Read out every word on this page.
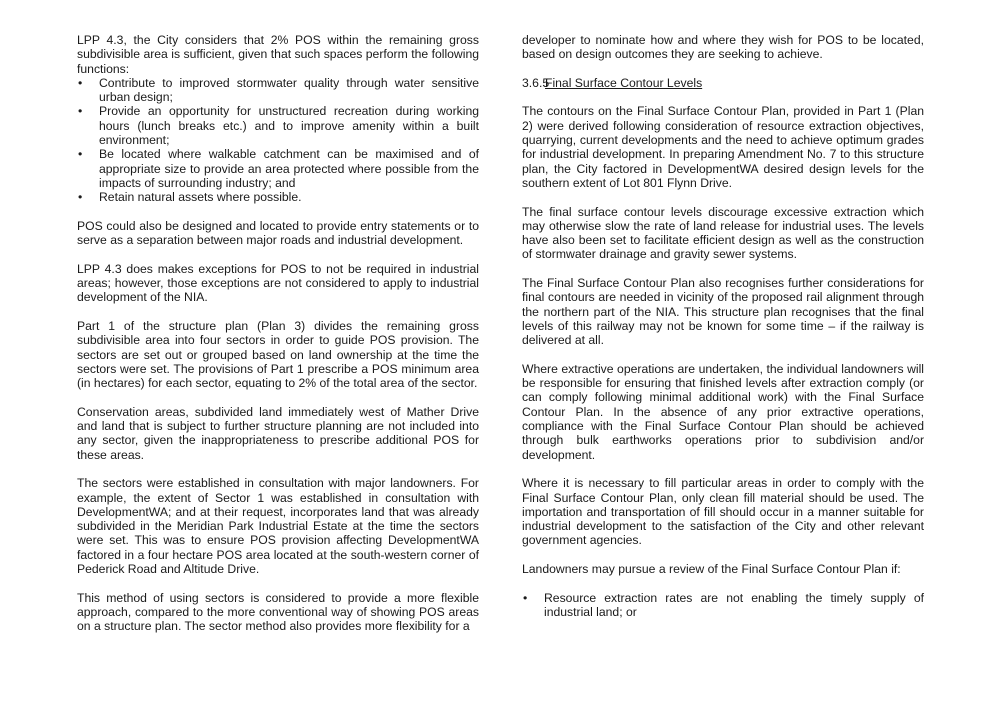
LPP 4.3, the City considers that 2% POS within the remaining gross subdivisible area is sufficient, given that such spaces perform the following functions:

• Contribute to improved stormwater quality through water sensitive urban design;
• Provide an opportunity for unstructured recreation during working hours (lunch breaks etc.) and to improve amenity within a built environment;
• Be located where walkable catchment can be maximised and of appropriate size to provide an area protected where possible from the impacts of surrounding industry; and
• Retain natural assets where possible.

POS could also be designed and located to provide entry statements or to serve as a separation between major roads and industrial development.

LPP 4.3 does makes exceptions for POS to not be required in industrial areas; however, those exceptions are not considered to apply to industrial development of the NIA.

Part 1 of the structure plan (Plan 3) divides the remaining gross subdivisible area into four sectors in order to guide POS provision. The sectors are set out or grouped based on land ownership at the time the sectors were set. The provisions of Part 1 prescribe a POS minimum area (in hectares) for each sector, equating to 2% of the total area of the sector.

Conservation areas, subdivided land immediately west of Mather Drive and land that is subject to further structure planning are not included into any sector, given the inappropriateness to prescribe additional POS for these areas.

The sectors were established in consultation with major landowners. For example, the extent of Sector 1 was established in consultation with DevelopmentWA; and at their request, incorporates land that was already subdivided in the Meridian Park Industrial Estate at the time the sectors were set. This was to ensure POS provision affecting DevelopmentWA factored in a four hectare POS area located at the south-western corner of Pederick Road and Altitude Drive.

This method of using sectors is considered to provide a more flexible approach, compared to the more conventional way of showing POS areas on a structure plan. The sector method also provides more flexibility for a

developer to nominate how and where they wish for POS to be located, based on design outcomes they are seeking to achieve.

3.6.5Final Surface Contour Levels

The contours on the Final Surface Contour Plan, provided in Part 1 (Plan 2) were derived following consideration of resource extraction objectives, quarrying, current developments and the need to achieve optimum grades for industrial development. In preparing Amendment No. 7 to this structure plan, the City factored in DevelopmentWA desired design levels for the southern extent of Lot 801 Flynn Drive.

The final surface contour levels discourage excessive extraction which may otherwise slow the rate of land release for industrial uses. The levels have also been set to facilitate efficient design as well as the construction of stormwater drainage and gravity sewer systems.

The Final Surface Contour Plan also recognises further considerations for final contours are needed in vicinity of the proposed rail alignment through the northern part of the NIA. This structure plan recognises that the final levels of this railway may not be known for some time – if the railway is delivered at all.

Where extractive operations are undertaken, the individual landowners will be responsible for ensuring that finished levels after extraction comply (or can comply following minimal additional work) with the Final Surface Contour Plan. In the absence of any prior extractive operations, compliance with the Final Surface Contour Plan should be achieved through bulk earthworks operations prior to subdivision and/or development.

Where it is necessary to fill particular areas in order to comply with the Final Surface Contour Plan, only clean fill material should be used. The importation and transportation of fill should occur in a manner suitable for industrial development to the satisfaction of the City and other relevant government agencies.

Landowners may pursue a review of the Final Surface Contour Plan if:

• Resource extraction rates are not enabling the timely supply of industrial land; or
